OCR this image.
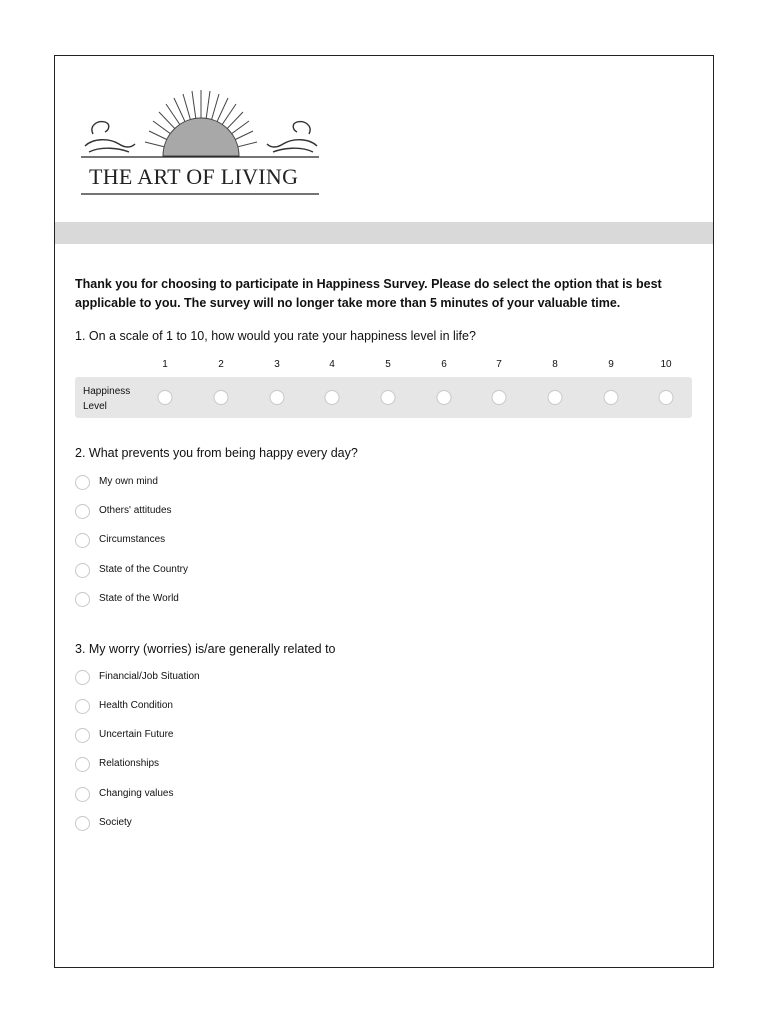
THE ART OF LIVING
Thank you for choosing to participate in Happiness Survey. Please do select the option that is best applicable to you. The survey will no longer take more than 5 minutes of your valuable time.
1. On a scale of 1 to 10, how would you rate your happiness level in life?
1	2	3	4	5	6	7	8	9	10
Happiness Level
2. What prevents you from being happy every day?
My own mind
Others' attitudes
Circumstances
State of the Country
State of the World
3. My worry (worries) is/are generally related to
Financial/Job Situation
Health Condition
Uncertain Future
Relationships
Changing values
Society
